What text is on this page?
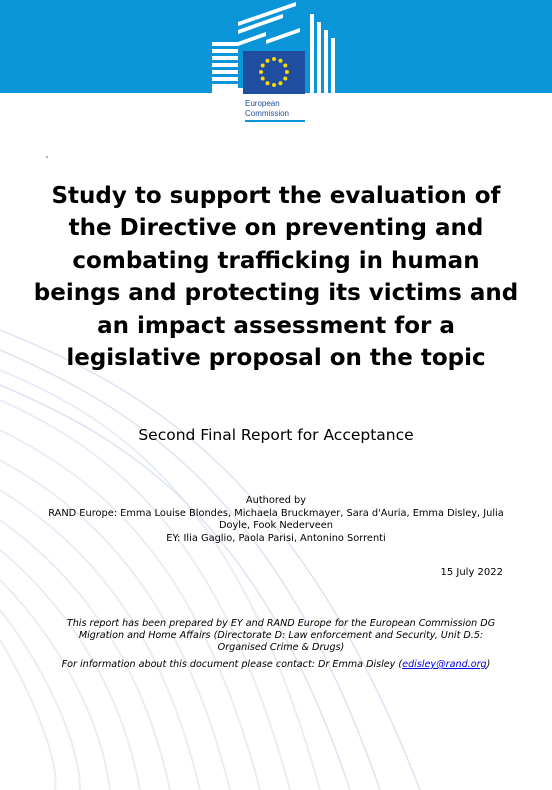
European
Commission
`
Study to support the evaluation of the Directive on preventing and combating trafficking in human beings and protecting its victims and an impact assessment for a legislative proposal on the topic
Second Final Report for Acceptance
Authored by
RAND Europe: Emma Louise Blondes, Michaela Bruckmayer, Sara d'Auria, Emma Disley, Julia Doyle, Fook Nederveen
EY: Ilia Gaglio, Paola Parisi, Antonino Sorrenti
15 July 2022
This report has been prepared by EY and RAND Europe for the European Commission DG Migration and Home Affairs (Directorate D: Law enforcement and Security, Unit D.5: Organised Crime & Drugs)
For information about this document please contact: Dr Emma Disley (edisley@rand.org)
